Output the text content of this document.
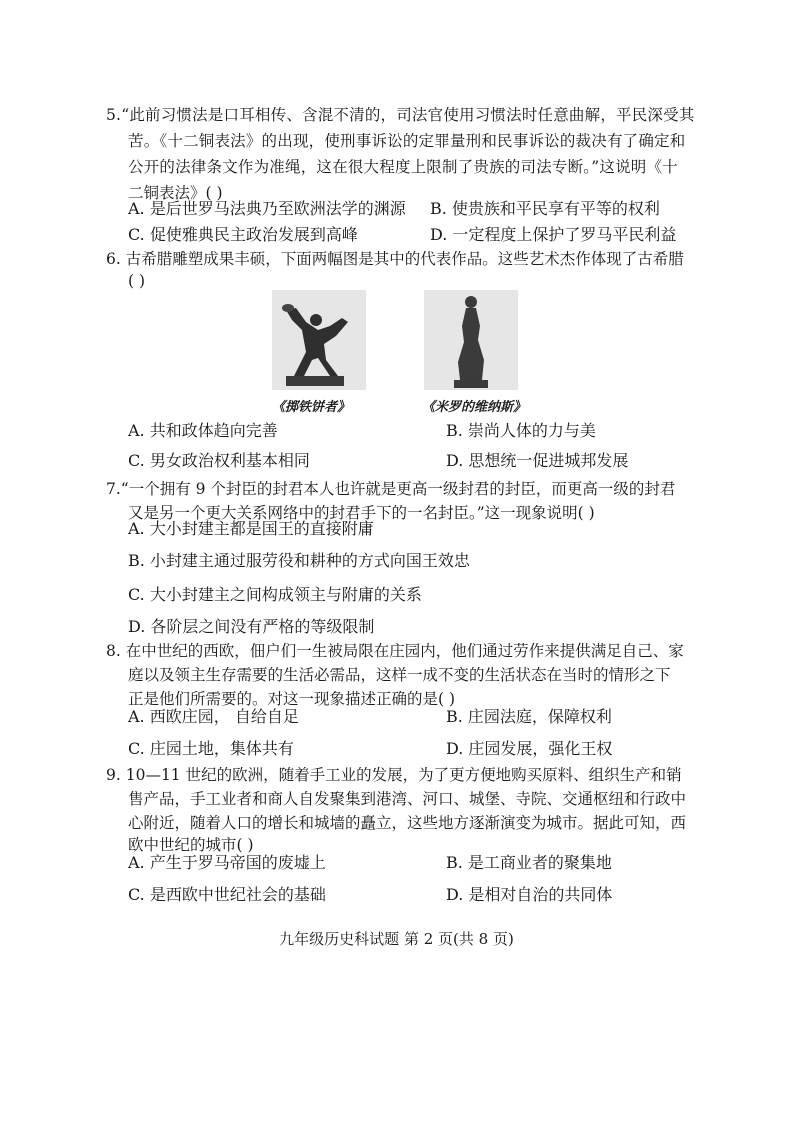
5.“此前习惯法是口耳相传、含混不清的，司法官使用习惯法时任意曲解，平民深受其
苦。《十二铜表法》的出现，使刑事诉讼的定罪量刑和民事诉讼的裁决有了确定和
公开的法律条文作为准绳，这在很大程度上限制了贵族的司法专断。”这说明《十
二铜表法》( )
A. 是后世罗马法典乃至欧洲法学的渊源 B. 使贵族和平民享有平等的权利
C. 促使雅典民主政治发展到高峰	D. 一定程度上保护了罗马平民利益
6. 古希腊雕塑成果丰硕，下面两幅图是其中的代表作品。这些艺术杰作体现了古希腊
( )
《掷铁饼者》	《米罗的维纳斯》
A. 共和政体趋向完善	B. 崇尚人体的力与美
C. 男女政治权利基本相同	D. 思想统一促进城邦发展
7.“一个拥有 9 个封臣的封君本人也许就是更高一级封君的封臣，而更高一级的封君
又是另一个更大关系网络中的封君手下的一名封臣。”这一现象说明( )
A. 大小封建主都是国王的直接附庸
B. 小封建主通过服劳役和耕种的方式向国王效忠
C. 大小封建主之间构成领主与附庸的关系
D. 各阶层之间没有严格的等级限制
8. 在中世纪的西欧，佃户们一生被局限在庄园内，他们通过劳作来提供满足自己、家
庭以及领主生存需要的生活必需品，这样一成不变的生活状态在当时的情形之下
正是他们所需要的。对这一现象描述正确的是( )
A. 西欧庄园， 自给自足	B. 庄园法庭，保障权利
C. 庄园土地，集体共有	D. 庄园发展，强化王权
9. 10—11 世纪的欧洲，随着手工业的发展，为了更方便地购买原料、组织生产和销
售产品，手工业者和商人自发聚集到港湾、河口、城堡、寺院、交通枢纽和行政中
心附近，随着人口的增长和城墙的矗立，这些地方逐渐演变为城市。据此可知，西
欧中世纪的城市( )
A. 产生于罗马帝国的废墟上	B. 是工商业者的聚集地
C. 是西欧中世纪社会的基础	D. 是相对自治的共同体
九年级历史科试题 第 2 页(共 8 页)
